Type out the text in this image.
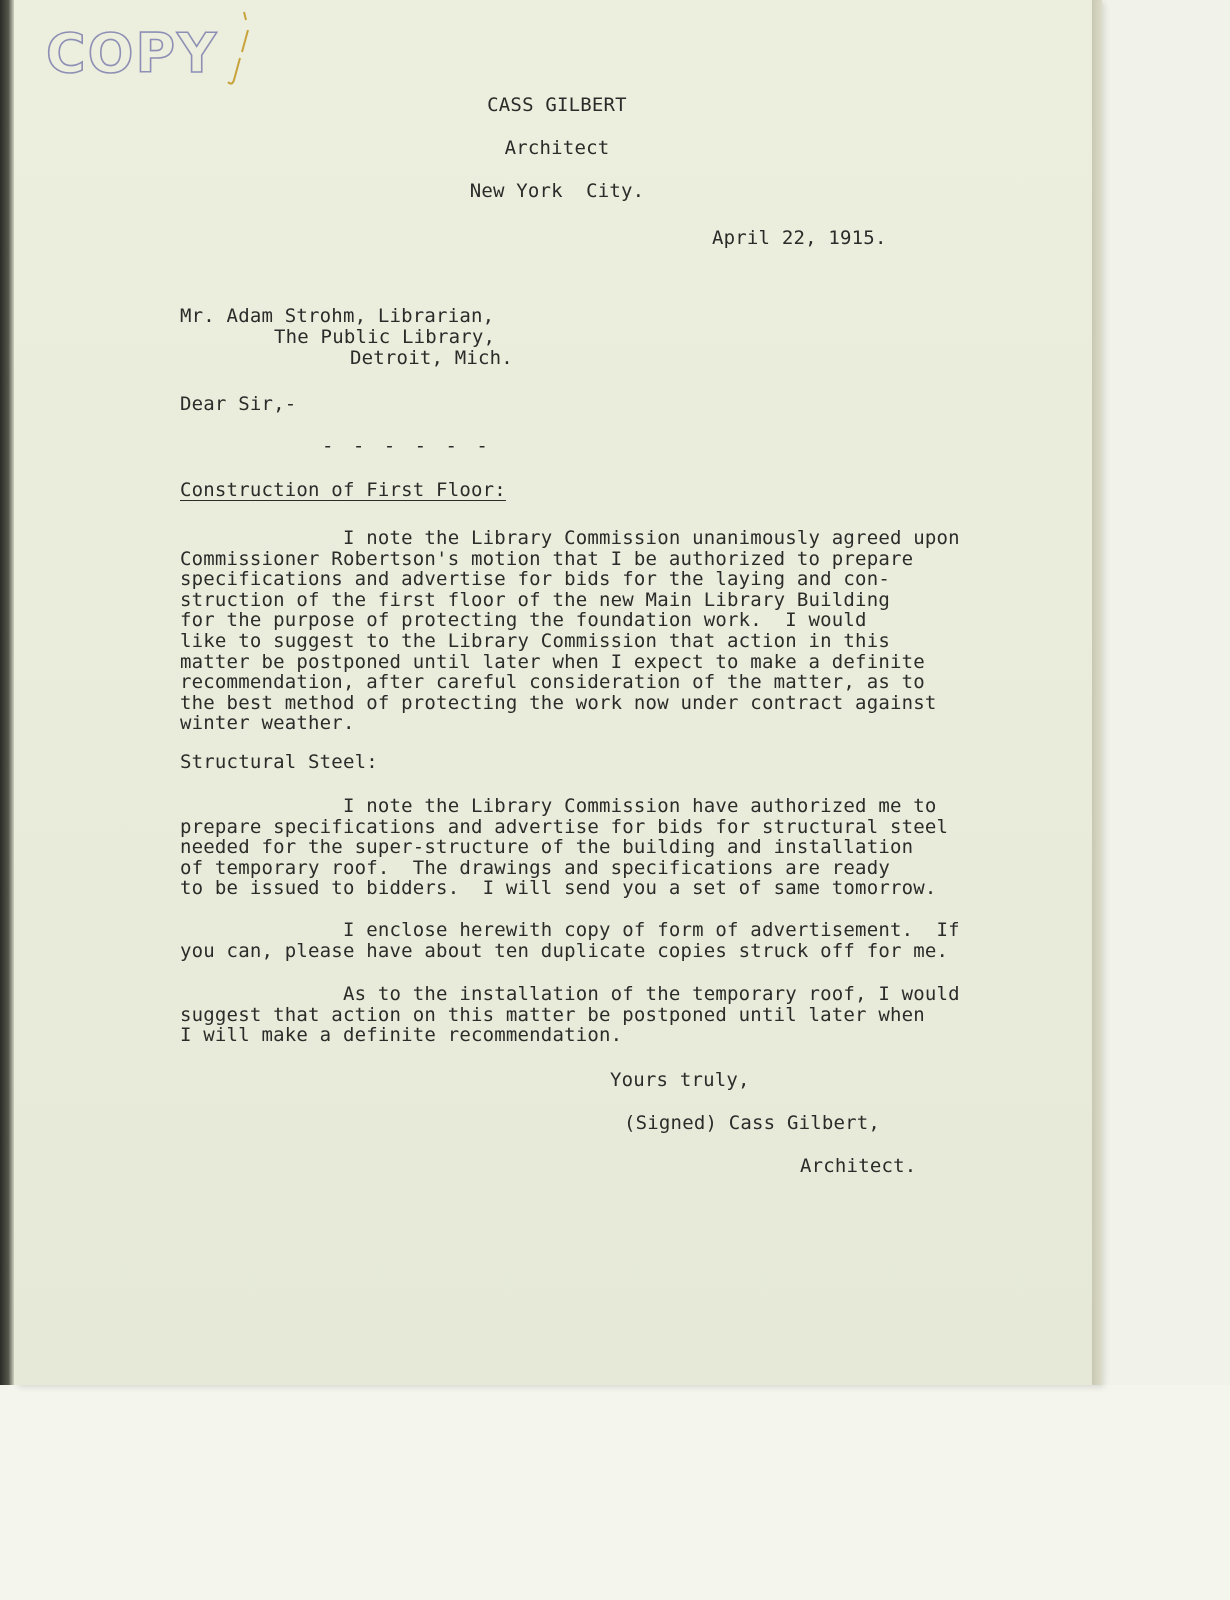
COPY

CASS GILBERT

Architect

New York  City.

April 22, 1915.

Mr. Adam Strohm, Librarian,

The Public Library,

Detroit, Mich.

Dear Sir,-

- - - - - -

Construction of First Floor:

I note the Library Commission unanimously agreed upon
Commissioner Robertson's motion that I be authorized to prepare
specifications and advertise for bids for the laying and con-
struction of the first floor of the new Main Library Building
for the purpose of protecting the foundation work.  I would
like to suggest to the Library Commission that action in this
matter be postponed until later when I expect to make a definite
recommendation, after careful consideration of the matter, as to
the best method of protecting the work now under contract against
winter weather.

Structural Steel:

I note the Library Commission have authorized me to
prepare specifications and advertise for bids for structural steel
needed for the super-structure of the building and installation
of temporary roof.  The drawings and specifications are ready
to be issued to bidders.  I will send you a set of same tomorrow.

I enclose herewith copy of form of advertisement.  If
you can, please have about ten duplicate copies struck off for me.

As to the installation of the temporary roof, I would
suggest that action on this matter be postponed until later when
I will make a definite recommendation.

Yours truly,

(Signed) Cass Gilbert,

Architect.
